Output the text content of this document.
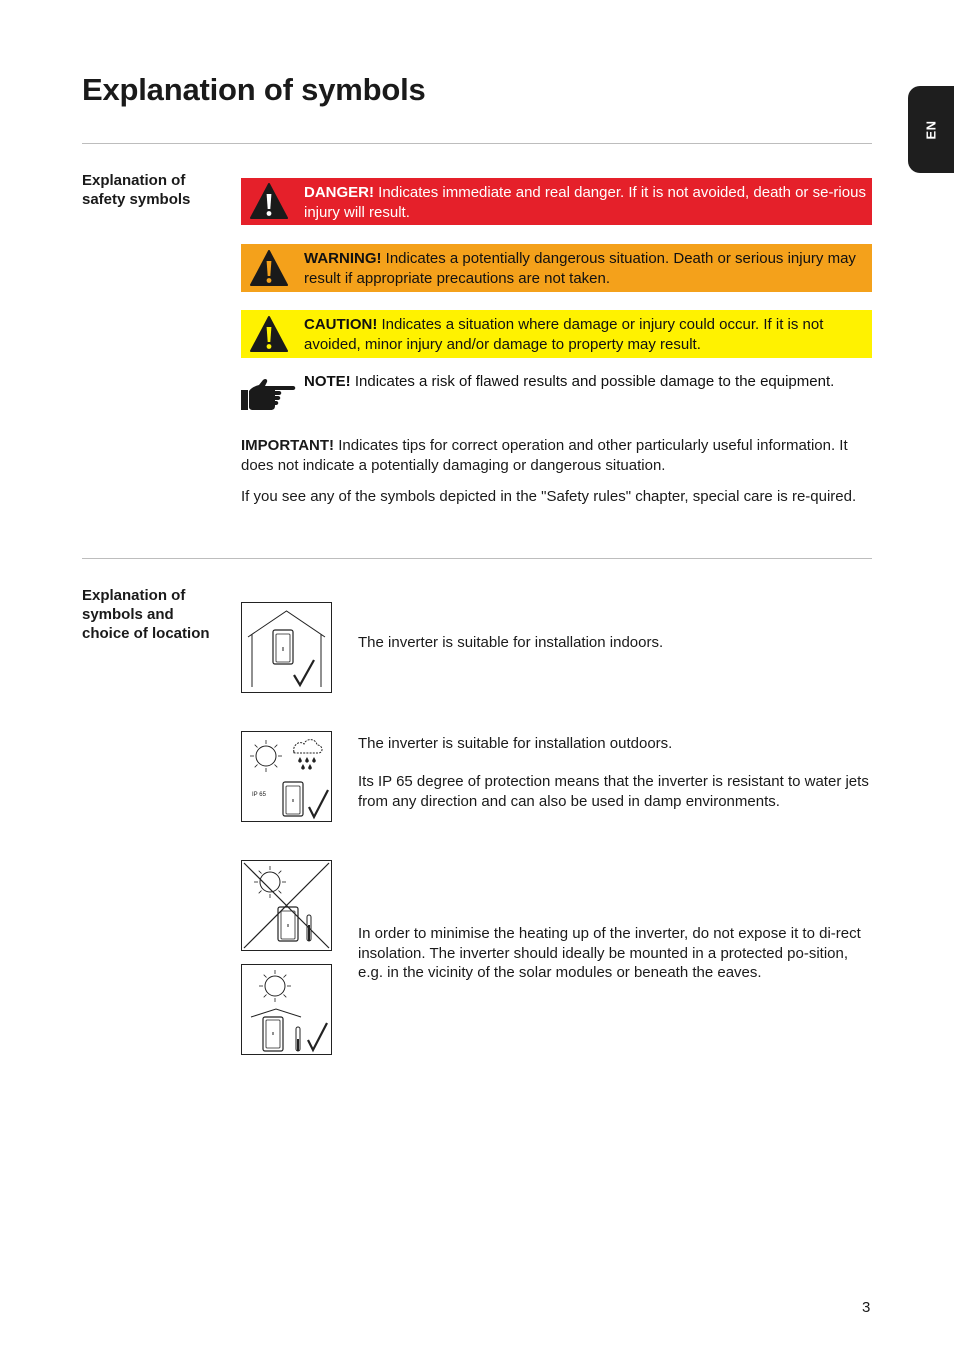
Explanation of symbols
EN
Explanation of
safety symbols	DANGER! Indicates immediate and real danger. If it is not avoided, death or se-rious injury will result.
WARNING! Indicates a potentially dangerous situation. Death or serious injury may result if appropriate precautions are not taken.
CAUTION! Indicates a situation where damage or injury could occur. If it is not avoided, minor injury and/or damage to property may result.
NOTE! Indicates a risk of flawed results and possible damage to the equipment.

IMPORTANT! Indicates tips for correct operation and other particularly useful information. It does not indicate a potentially damaging or dangerous situation.

If you see any of the symbols depicted in the "Safety rules" chapter, special care is re-quired.

Explanation of
symbols and
choice of location
The inverter is suitable for installation indoors.
IP 65
The inverter is suitable for installation outdoors.
Its IP 65 degree of protection means that the inverter is resistant to water jets from any direction and can also be used in damp environments.
In order to minimise the heating up of the inverter, do not expose it to di-rect insolation. The inverter should ideally be mounted in a protected po-sition, e.g. in the vicinity of the solar modules or beneath the eaves.
3
